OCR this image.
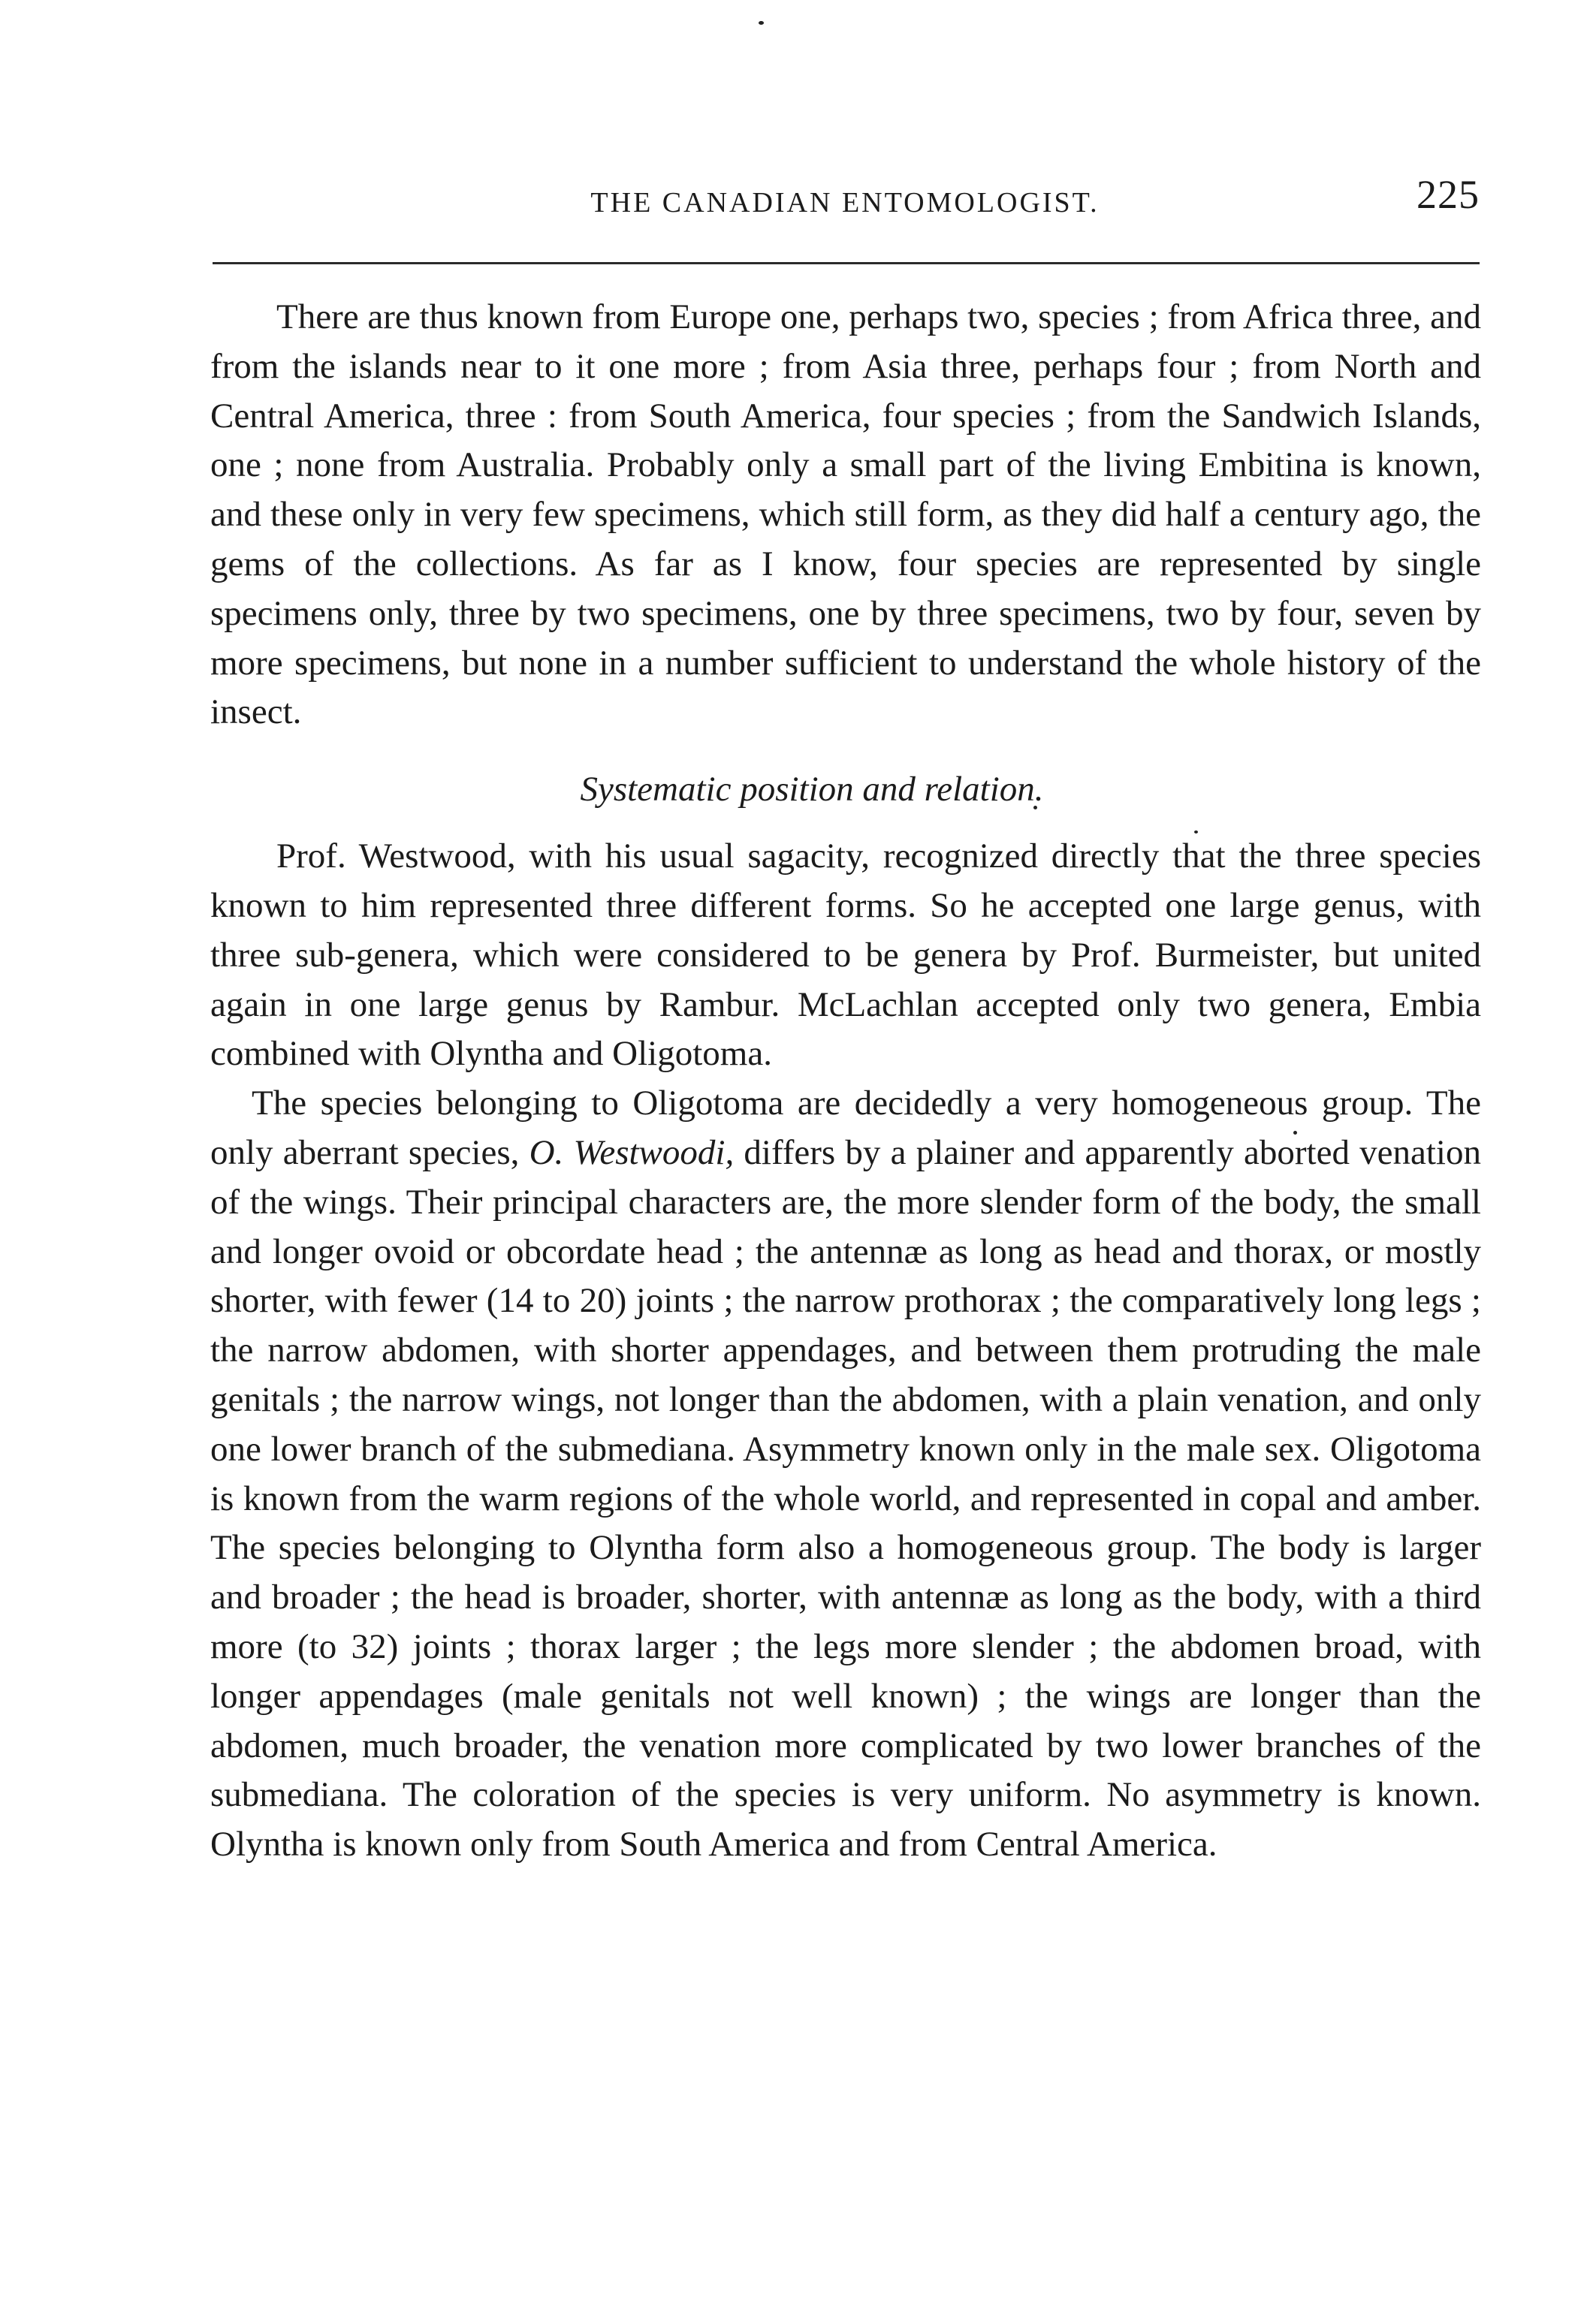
THE CANADIAN ENTOMOLOGIST.	225

There are thus known from Europe one, perhaps two, species ; from Africa three, and from the islands near to it one more ; from Asia three, perhaps four ; from North and Central America, three : from South America, four species ; from the Sandwich Islands, one ; none from Australia. Probably only a small part of the living Embitina is known, and these only in very few specimens, which still form, as they did half a century ago, the gems of the collections. As far as I know, four species are represented by single specimens only, three by two specimens, one by three specimens, two by four, seven by more specimens, but none in a number sufficient to understand the whole history of the insect.

Systematic position and relation.

Prof. Westwood, with his usual sagacity, recognized directly that the three species known to him represented three different forms. So he accepted one large genus, with three sub-genera, which were considered to be genera by Prof. Burmeister, but united again in one large genus by Rambur. McLachlan accepted only two genera, Embia combined with Olyntha and Oligotoma.

The species belonging to Oligotoma are decidedly a very homogeneous group. The only aberrant species, O. Westwoodi, differs by a plainer and apparently aborted venation of the wings. Their principal characters are, the more slender form of the body, the small and longer ovoid or obcordate head ; the antennæ as long as head and thorax, or mostly shorter, with fewer (14 to 20) joints ; the narrow prothorax ; the comparatively long legs ; the narrow abdomen, with shorter appendages, and between them protruding the male genitals ; the narrow wings, not longer than the abdomen, with a plain venation, and only one lower branch of the submediana. Asymmetry known only in the male sex. Oligotoma is known from the warm regions of the whole world, and represented in copal and amber. The species belonging to Olyntha form also a homogeneous group. The body is larger and broader ; the head is broader, shorter, with antennæ as long as the body, with a third more (to 32) joints ; thorax larger ; the legs more slender ; the abdomen broad, with longer appendages (male genitals not well known) ; the wings are longer than the abdomen, much broader, the venation more complicated by two lower branches of the submediana. The coloration of the species is very uniform. No asymmetry is known. Olyntha is known only from South America and from Central America.
